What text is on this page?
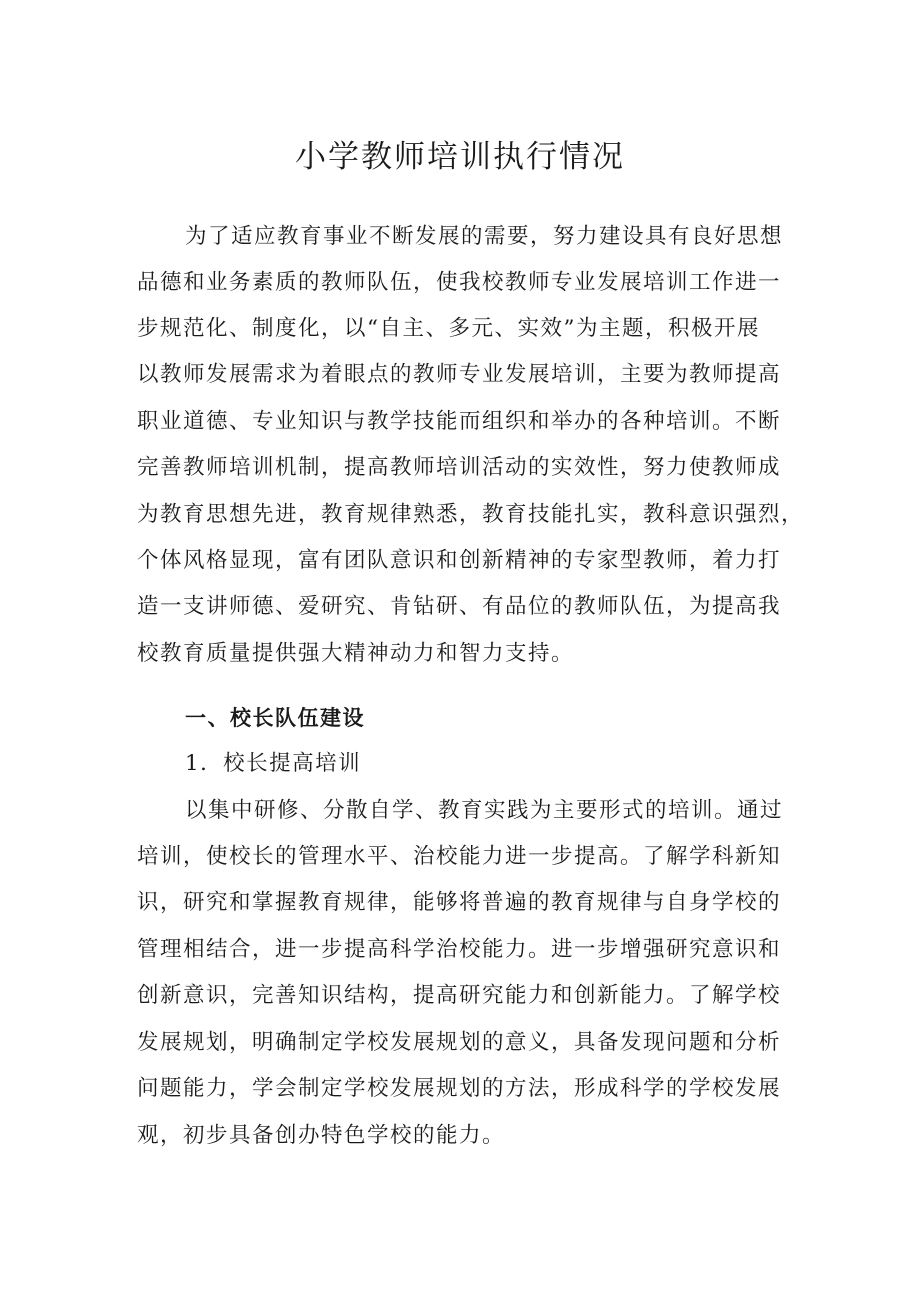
小学教师培训执行情况
为了适应教育事业不断发展的需要，努力建设具有良好思想
品德和业务素质的教师队伍，使我校教师专业发展培训工作进一
步规范化、制度化，以“自主、多元、实效”为主题，积极开展
以教师发展需求为着眼点的教师专业发展培训，主要为教师提高
职业道德、专业知识与教学技能而组织和举办的各种培训。不断
完善教师培训机制，提高教师培训活动的实效性，努力使教师成
为教育思想先进，教育规律熟悉，教育技能扎实，教科意识强烈，
个体风格显现，富有团队意识和创新精神的专家型教师，着力打
造一支讲师德、爱研究、肯钻研、有品位的教师队伍，为提高我
校教育质量提供强大精神动力和智力支持。
一、校长队伍建设
1．校长提高培训
以集中研修、分散自学、教育实践为主要形式的培训。通过
培训，使校长的管理水平、治校能力进一步提高。了解学科新知
识，研究和掌握教育规律，能够将普遍的教育规律与自身学校的
管理相结合，进一步提高科学治校能力。进一步增强研究意识和
创新意识，完善知识结构，提高研究能力和创新能力。了解学校
发展规划，明确制定学校发展规划的意义，具备发现问题和分析
问题能力，学会制定学校发展规划的方法，形成科学的学校发展
观，初步具备创办特色学校的能力。
